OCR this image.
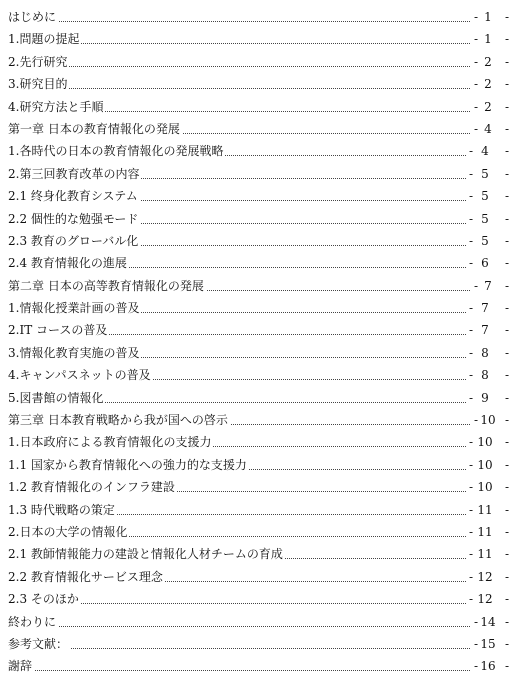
はじめに	- 1	-
1.問題の提起	- 1	-
2.先行研究	- 2	-
3.研究目的	- 2	-
4.研究方法と手順	- 2	-
第一章 日本の教育情報化の発展	- 4	-
1.各時代の日本の教育情報化の発展戦略	- 4	-
2.第三回教育改革の内容	- 5	-
2.1 终身化教育システム	- 5	-
2.2 個性的な勉强モード	- 5	-
2.3 教育のグローバル化	- 5	-
2.4 教育情報化の進展	- 6	-
第二章 日本の高等教育情報化の発展	- 7	-
1.情報化授業計画の普及	- 7	-
2.IT コースの普及	- 7	-
3.情報化教育実施の普及	- 8	-
4.キャンパスネットの普及	- 8	-
5.図書館の情報化	- 9	-
第三章 日本教育戦略から我が国への啓示	- 10 -
1.日本政府による教育情報化の支援力	- 10 -
1.1 国家から教育情報化への強力的な支援力	- 10 -
1.2 教育情報化のインフラ建設	- 10 -
1.3 時代戦略の策定	- 11 -
2.日本の大学の情報化	- 11 -
2.1 教師情報能力の建設と情報化人材チームの育成	- 11 -
2.2 教育情報化サービス理念	- 12 -
2.3 そのほか	- 12 -
終わりに	- 14 -
参考文献：	- 15 -
謝辞	- 16 -
